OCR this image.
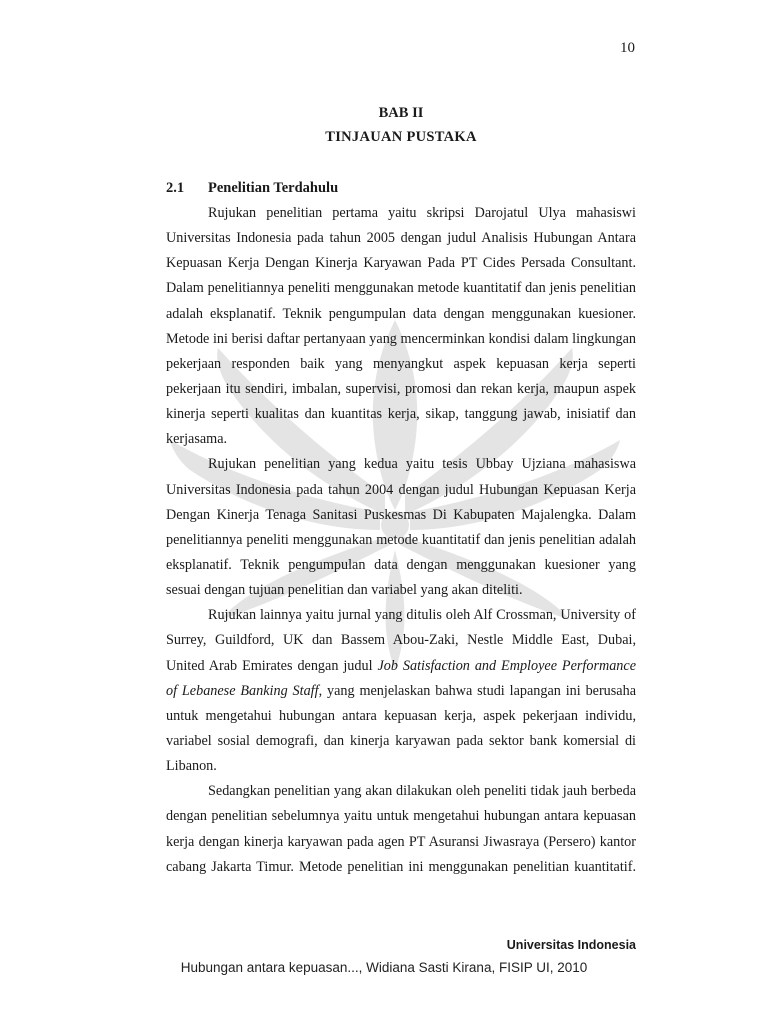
10
BAB II
TINJAUAN PUSTAKA
2.1 Penelitian Terdahulu
Rujukan penelitian pertama yaitu skripsi Darojatul Ulya mahasiswi
Universitas Indonesia pada tahun 2005 dengan judul Analisis Hubungan Antara
Kepuasan Kerja Dengan Kinerja Karyawan Pada PT Cides Persada Consultant.
Dalam penelitiannya peneliti menggunakan metode kuantitatif dan jenis penelitian
adalah eksplanatif. Teknik pengumpulan data dengan menggunakan kuesioner.
Metode ini berisi daftar pertanyaan yang mencerminkan kondisi dalam lingkungan
pekerjaan responden baik yang menyangkut aspek kepuasan kerja seperti
pekerjaan itu sendiri, imbalan, supervisi, promosi dan rekan kerja, maupun aspek
kinerja seperti kualitas dan kuantitas kerja, sikap, tanggung jawab, inisiatif dan
kerjasama.
Rujukan penelitian yang kedua yaitu tesis Ubbay Ujziana mahasiswa
Universitas Indonesia pada tahun 2004 dengan judul Hubungan Kepuasan Kerja
Dengan Kinerja Tenaga Sanitasi Puskesmas Di Kabupaten Majalengka. Dalam
penelitiannya peneliti menggunakan metode kuantitatif dan jenis penelitian adalah
eksplanatif. Teknik pengumpulan data dengan menggunakan kuesioner yang
sesuai dengan tujuan penelitian dan variabel yang akan diteliti.
Rujukan lainnya yaitu jurnal yang ditulis oleh Alf Crossman, University of
Surrey, Guildford, UK dan Bassem Abou-Zaki, Nestle Middle East, Dubai,
United Arab Emirates dengan judul Job Satisfaction and Employee Performance
of Lebanese Banking Staff, yang menjelaskan bahwa studi lapangan ini berusaha
untuk mengetahui hubungan antara kepuasan kerja, aspek pekerjaan individu,
variabel sosial demografi, dan kinerja karyawan pada sektor bank komersial di
Libanon.
Sedangkan penelitian yang akan dilakukan oleh peneliti tidak jauh berbeda
dengan penelitian sebelumnya yaitu untuk mengetahui hubungan antara kepuasan
kerja dengan kinerja karyawan pada agen PT Asuransi Jiwasraya (Persero) kantor
cabang Jakarta Timur. Metode penelitian ini menggunakan penelitian kuantitatif.
Universitas Indonesia
Hubungan antara kepuasan..., Widiana Sasti Kirana, FISIP UI, 2010
